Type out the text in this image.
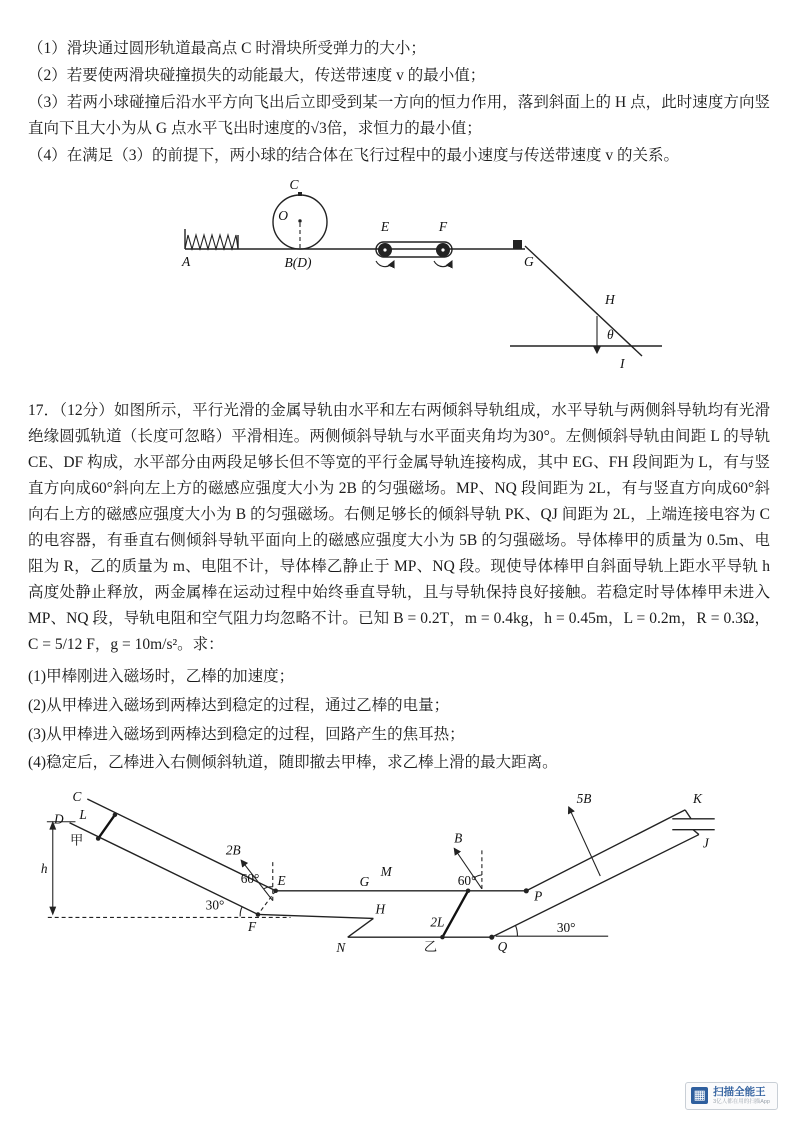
（1）滑块通过圆形轨道最高点 C 时滑块所受弹力的大小；

（2）若要使两滑块碰撞损失的动能最大，传送带速度 v 的最小值；

（3）若两小球碰撞后沿水平方向飞出后立即受到某一方向的恒力作用，落到斜面上的 H 点，此时速度方向竖直向下且大小为从 G 点水平飞出时速度的√3倍，求恒力的最小值；

（4）在满足（3）的前提下，两小球的结合体在飞行过程中的最小速度与传送带速度 v 的关系。

A
C
O
B(D)
E	F
G
H
θ
I

17．（12分）如图所示，平行光滑的金属导轨由水平和左右两倾斜导轨组成，水平导轨与两侧斜导轨均有光滑绝缘圆弧轨道（长度可忽略）平滑相连。两侧倾斜导轨与水平面夹角均为30°。左侧倾斜导轨由间距 L 的导轨 CE、DF 构成，水平部分由两段足够长但不等宽的平行金属导轨连接构成，其中 EG、FH 段间距为 L，有与竖直方向成60°斜向左上方的磁感应强度大小为 2B 的匀强磁场。MP、NQ 段间距为 2L，有与竖直方向成60°斜向右上方的磁感应强度大小为 B 的匀强磁场。右侧足够长的倾斜导轨 PK、QJ 间距为 2L，上端连接电容为 C 的电容器，有垂直右侧倾斜导轨平面向上的磁感应强度大小为 5B 的匀强磁场。导体棒甲的质量为 0.5m、电阻为 R，乙的质量为 m、电阻不计，导体棒乙静止于 MP、NQ 段。现使导体棒甲自斜面导轨上距水平导轨 h 高度处静止释放，两金属棒在运动过程中始终垂直导轨，且与导轨保持良好接触。若稳定时导体棒甲未进入 MP、NQ 段，导轨电阻和空气阻力均忽略不计。已知 B = 0.2T，m = 0.4kg，h = 0.45m，L = 0.2m，R = 0.3Ω，C = 5/12 F，g = 10m/s²。求：

(1)甲棒刚进入磁场时，乙棒的加速度；

(2)从甲棒进入磁场到两棒达到稳定的过程，通过乙棒的电量；

(3)从甲棒进入磁场到两棒达到稳定的过程，回路产生的焦耳热；

(4)稳定后，乙棒进入右侧倾斜轨道，随即撤去甲棒，求乙棒上滑的最大距离。

C
D L
甲
h
30°
E
F
2B
60°	G
M
H
N	乙
2L
B
60°
P
Q
30°
5B	K
J
▦ 扫描全能王
3亿人都在用的扫描App
